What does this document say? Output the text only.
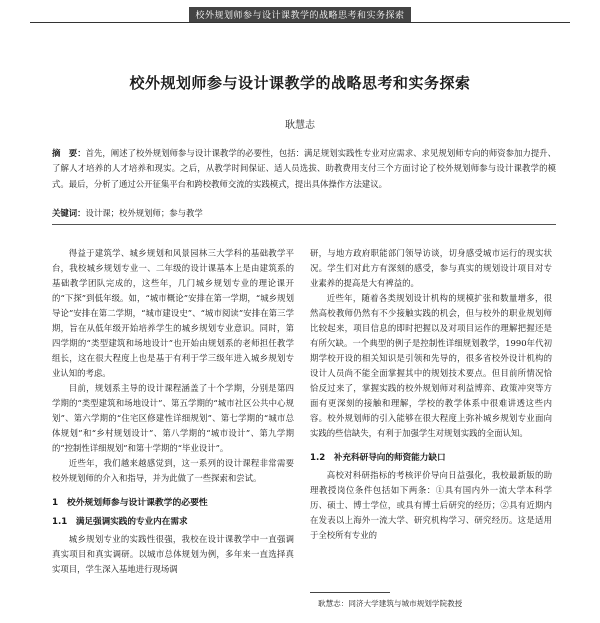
校外规划师参与设计课教学的战略思考和实务探索
校外规划师参与设计课教学的战略思考和实务探索
耿慧志
摘　要：首先，阐述了校外规划师参与设计课教学的必要性，包括：满足规划实践性专业对应需求、求见规划师专向的师资参加力提升、了解人才培养的人才培养和现实。之后，从教学时间保证、适人员选拔、助教费用支付三个方面讨论了校外规划师参与设计课教学的模式。最后，分析了通过公开征集平台和跨校教师交流的实践模式，提出具体操作方法建议。
关键词：设计课；校外规划师；参与教学

得益于建筑学、城乡规划和风景园林三大学科的基础教学平台，我校城乡规划专业一、二年级的设计课基本上是由建筑系的基础教学团队完成的，这些年，几门城乡规划专业的理论课开的“下探”到低年级。如，“城市概论”安排在第一学期，“城乡规划导论”安排在第二学期，“城市建设史”、“城市阅读”安排在第三学期，旨在从低年级开始培养学生的城乡规划专业意识。同时，第四学期的“类型建筑和场地设计”也开始由规划系的老师担任教学组长，这在很大程度上也是基于有利于学三级年进入城乡规划专业认知的考虑。

目前，规划系主导的设计课程涵盖了十个学期，分别是第四学期的“类型建筑和场地设计”、第五学期的“城市社区公共中心规划”、第六学期的“住宅区修建性详细规划”、第七学期的“城市总体规划”和“乡村规划设计”、第八学期的“城市设计”、第九学期的“控制性详细规划”和第十学期的“毕业设计”。

近些年，我们越来越感觉到，这一系列的设计课程非常需要校外规划师的介入和指导，并为此做了一些探索和尝试。

1　校外规划师参与设计课教学的必要性
1.1　满足强调实践的专业内在需求

城乡规划专业的实践性很强，我校在设计课教学中一直强调真实项目和真实调研。以城市总体规划为例，多年来一直选择真实项目，学生深入基地进行现场调

研，与地方政府职能部门领导访谈，切身感受城市运行的现实状况。学生们对此方有深刻的感受，参与真实的规划设计项目对专业素养的提高是大有裨益的。

近些年，随着各类规划设计机构的规模扩张和数量增多，很然高校教师仍然有不少接触实践的机会，但与校外的职业规划师比较起来，项目信息的即时把握以及对项目运作的理解把握还是有所欠缺。一个典型的例子是控制性详细规划教学，1990年代初期学校开设的相关知识是引领和先导的，很多省校外设计机构的设计人员尚不能全面掌握其中的规划技术要点。但目前所情况恰恰反过来了，掌握实践的校外规划师对利益博弈、政策冲突等方面有更深刻的接触和理解，学校的教学体系中很难讲透这些内容。校外规划师的引入能够在很大程度上弥补城乡规划专业面向实践的些信缺失，有利于加强学生对规划实践的全面认知。

1.2　补充科研导向的师资能力缺口

高校对科研指标的考核评价导向日益强化，我校最新版的助理教授岗位条件包括如下两条：①具有国内外一流大学本科学历、硕士、博士学位，或具有博士后研究的经历；②具有近期内在发表以上海外一流大学、研究机构学习、研究经历。这是适用于全校所有专业的

耿慧志：同济大学建筑与城市规划学院教授
